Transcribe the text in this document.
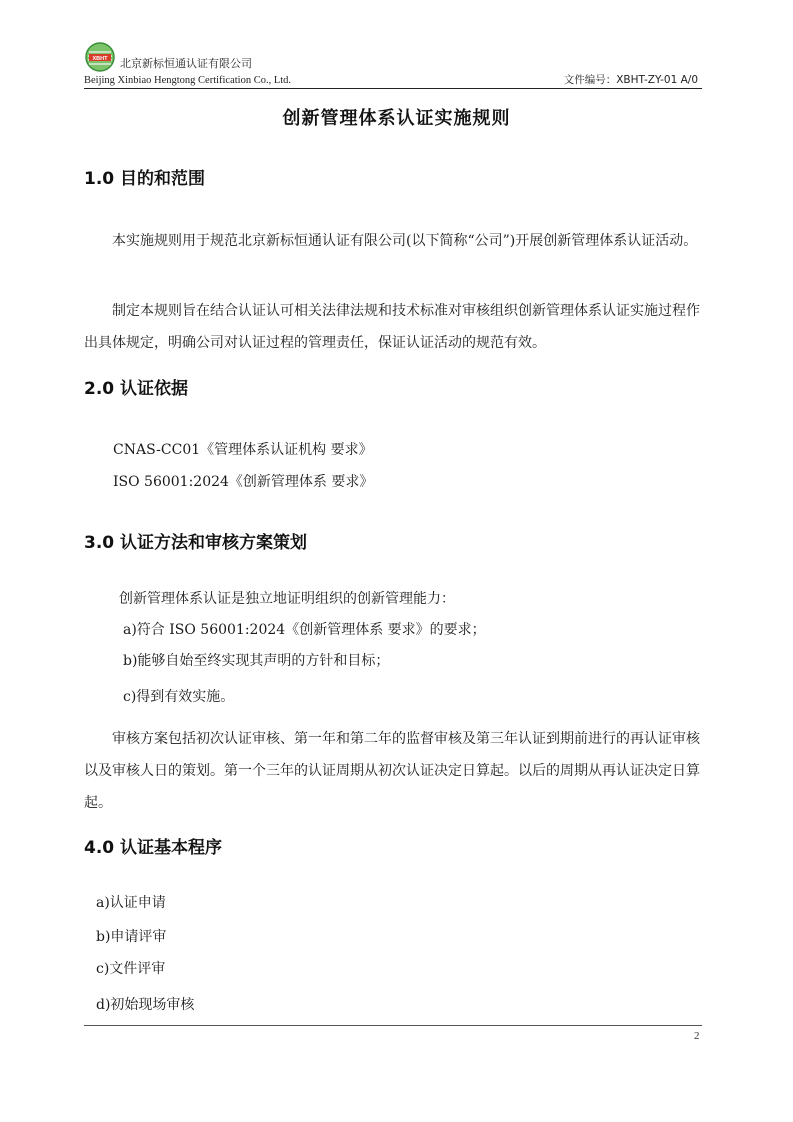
XBHT 北京新标恒通认证有限公司
Beijing Xinbiao Hengtong Certification Co., Ltd.	文件编号：XBHT-ZY-01 A/0
创新管理体系认证实施规则
1.0 目的和范围
本实施规则用于规范北京新标恒通认证有限公司(以下简称“公司”)开展创新管理体系认证活动。
制定本规则旨在结合认证认可相关法律法规和技术标准对审核组织创新管理体系认证实施过程作出具体规定，明确公司对认证过程的管理责任，保证认证活动的规范有效。
2.0 认证依据
CNAS-CC01《管理体系认证机构 要求》
ISO 56001:2024《创新管理体系 要求》
3.0 认证方法和审核方案策划
创新管理体系认证是独立地证明组织的创新管理能力：
a)符合 ISO 56001:2024《创新管理体系 要求》的要求；
b)能够自始至终实现其声明的方针和目标；
c)得到有效实施。
审核方案包括初次认证审核、第一年和第二年的监督审核及第三年认证到期前进行的再认证审核以及审核人日的策划。第一个三年的认证周期从初次认证决定日算起。以后的周期从再认证决定日算起。
4.0 认证基本程序
a)认证申请
b)申请评审
c)文件评审
d)初始现场审核
2
